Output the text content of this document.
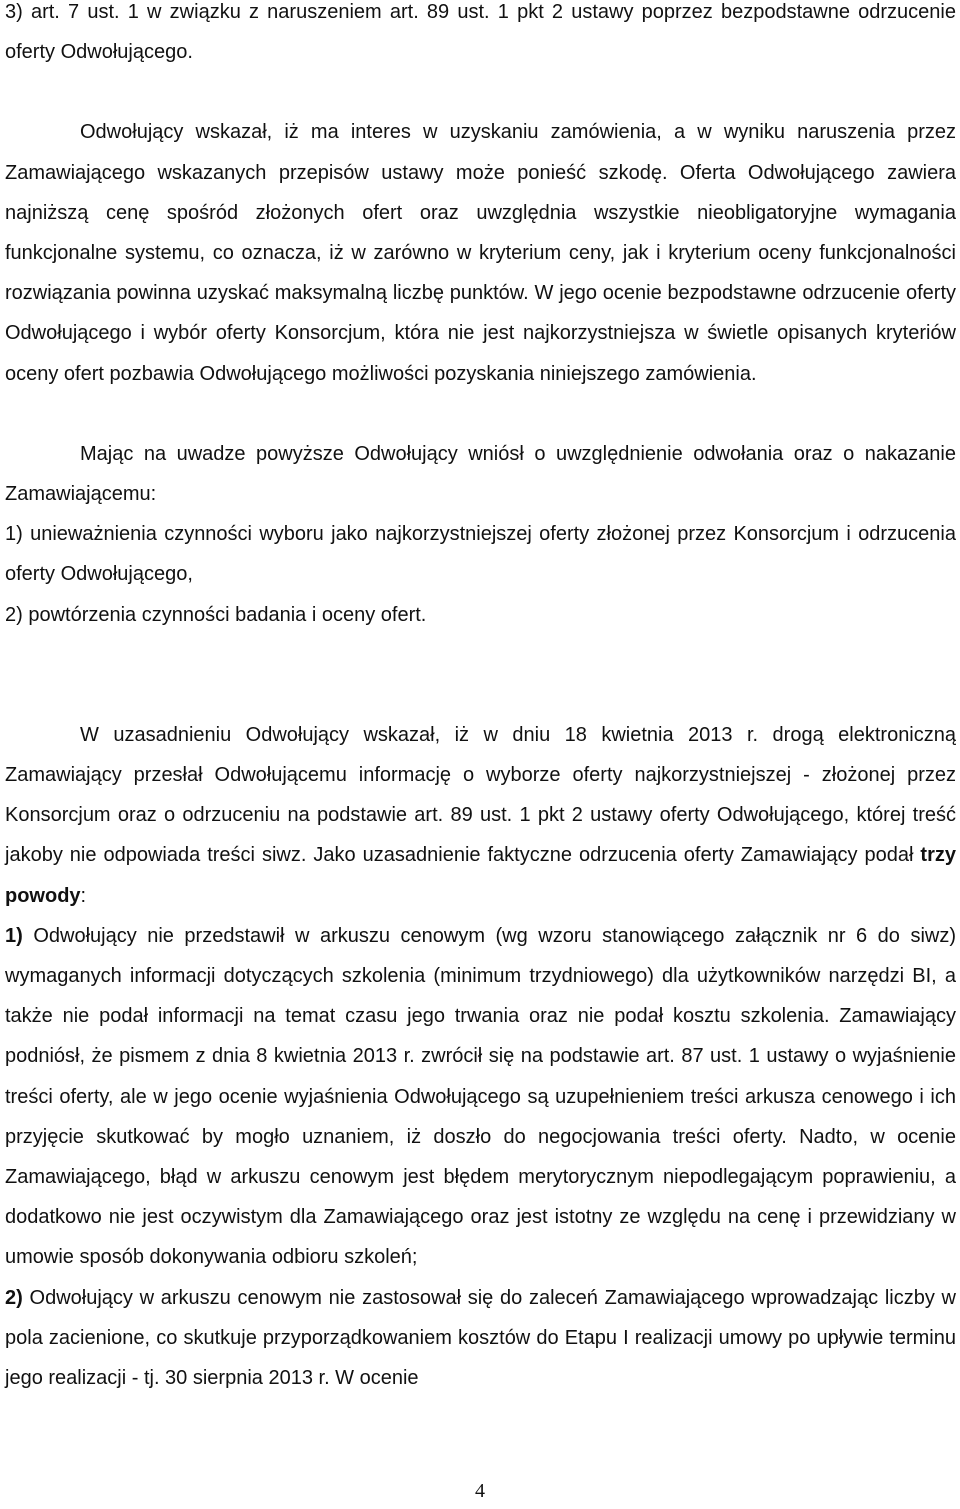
3) art. 7 ust. 1 w związku z naruszeniem art. 89 ust. 1 pkt 2 ustawy poprzez bezpodstawne odrzucenie oferty Odwołującego.

Odwołujący wskazał, iż ma interes w uzyskaniu zamówienia, a w wyniku naruszenia przez Zamawiającego wskazanych przepisów ustawy może ponieść szkodę. Oferta Odwołującego zawiera najniższą cenę spośród złożonych ofert oraz uwzględnia wszystkie nieobligatoryjne wymagania funkcjonalne systemu, co oznacza, iż w zarówno w kryterium ceny, jak i kryterium oceny funkcjonalności rozwiązania powinna uzyskać maksymalną liczbę punktów. W jego ocenie bezpodstawne odrzucenie oferty Odwołującego i wybór oferty Konsorcjum, która nie jest najkorzystniejsza w świetle opisanych kryteriów oceny ofert pozbawia Odwołującego możliwości pozyskania niniejszego zamówienia.

Mając na uwadze powyższe Odwołujący wniósł o uwzględnienie odwołania oraz o nakazanie Zamawiającemu:

1) unieważnienia czynności wyboru jako najkorzystniejszej oferty złożonej przez Konsorcjum i odrzucenia oferty Odwołującego,

2) powtórzenia czynności badania i oceny ofert.

W uzasadnieniu Odwołujący wskazał, iż w dniu 18 kwietnia 2013 r. drogą elektroniczną Zamawiający przesłał Odwołującemu informację o wyborze oferty najkorzystniejszej - złożonej przez Konsorcjum oraz o odrzuceniu na podstawie art. 89 ust. 1 pkt 2 ustawy oferty Odwołującego, której treść jakoby nie odpowiada treści siwz. Jako uzasadnienie faktyczne odrzucenia oferty Zamawiający podał trzy powody:

1) Odwołujący nie przedstawił w arkuszu cenowym (wg wzoru stanowiącego załącznik nr 6 do siwz) wymaganych informacji dotyczących szkolenia (minimum trzydniowego) dla użytkowników narzędzi BI, a także nie podał informacji na temat czasu jego trwania oraz nie podał kosztu szkolenia. Zamawiający podniósł, że pismem z dnia 8 kwietnia 2013 r. zwrócił się na podstawie art. 87 ust. 1 ustawy o wyjaśnienie treści oferty, ale w jego ocenie wyjaśnienia Odwołującego są uzupełnieniem treści arkusza cenowego i ich przyjęcie skutkować by mogło uznaniem, iż doszło do negocjowania treści oferty. Nadto, w ocenie Zamawiającego, błąd w arkuszu cenowym jest błędem merytorycznym niepodlegającym poprawieniu, a dodatkowo nie jest oczywistym dla Zamawiającego oraz jest istotny ze względu na cenę i przewidziany w umowie sposób dokonywania odbioru szkoleń;

2) Odwołujący w arkuszu cenowym nie zastosował się do zaleceń Zamawiającego wprowadzając liczby w pola zacienione, co skutkuje przyporządkowaniem kosztów do Etapu I realizacji umowy po upływie terminu jego realizacji - tj. 30 sierpnia 2013 r. W ocenie

4
